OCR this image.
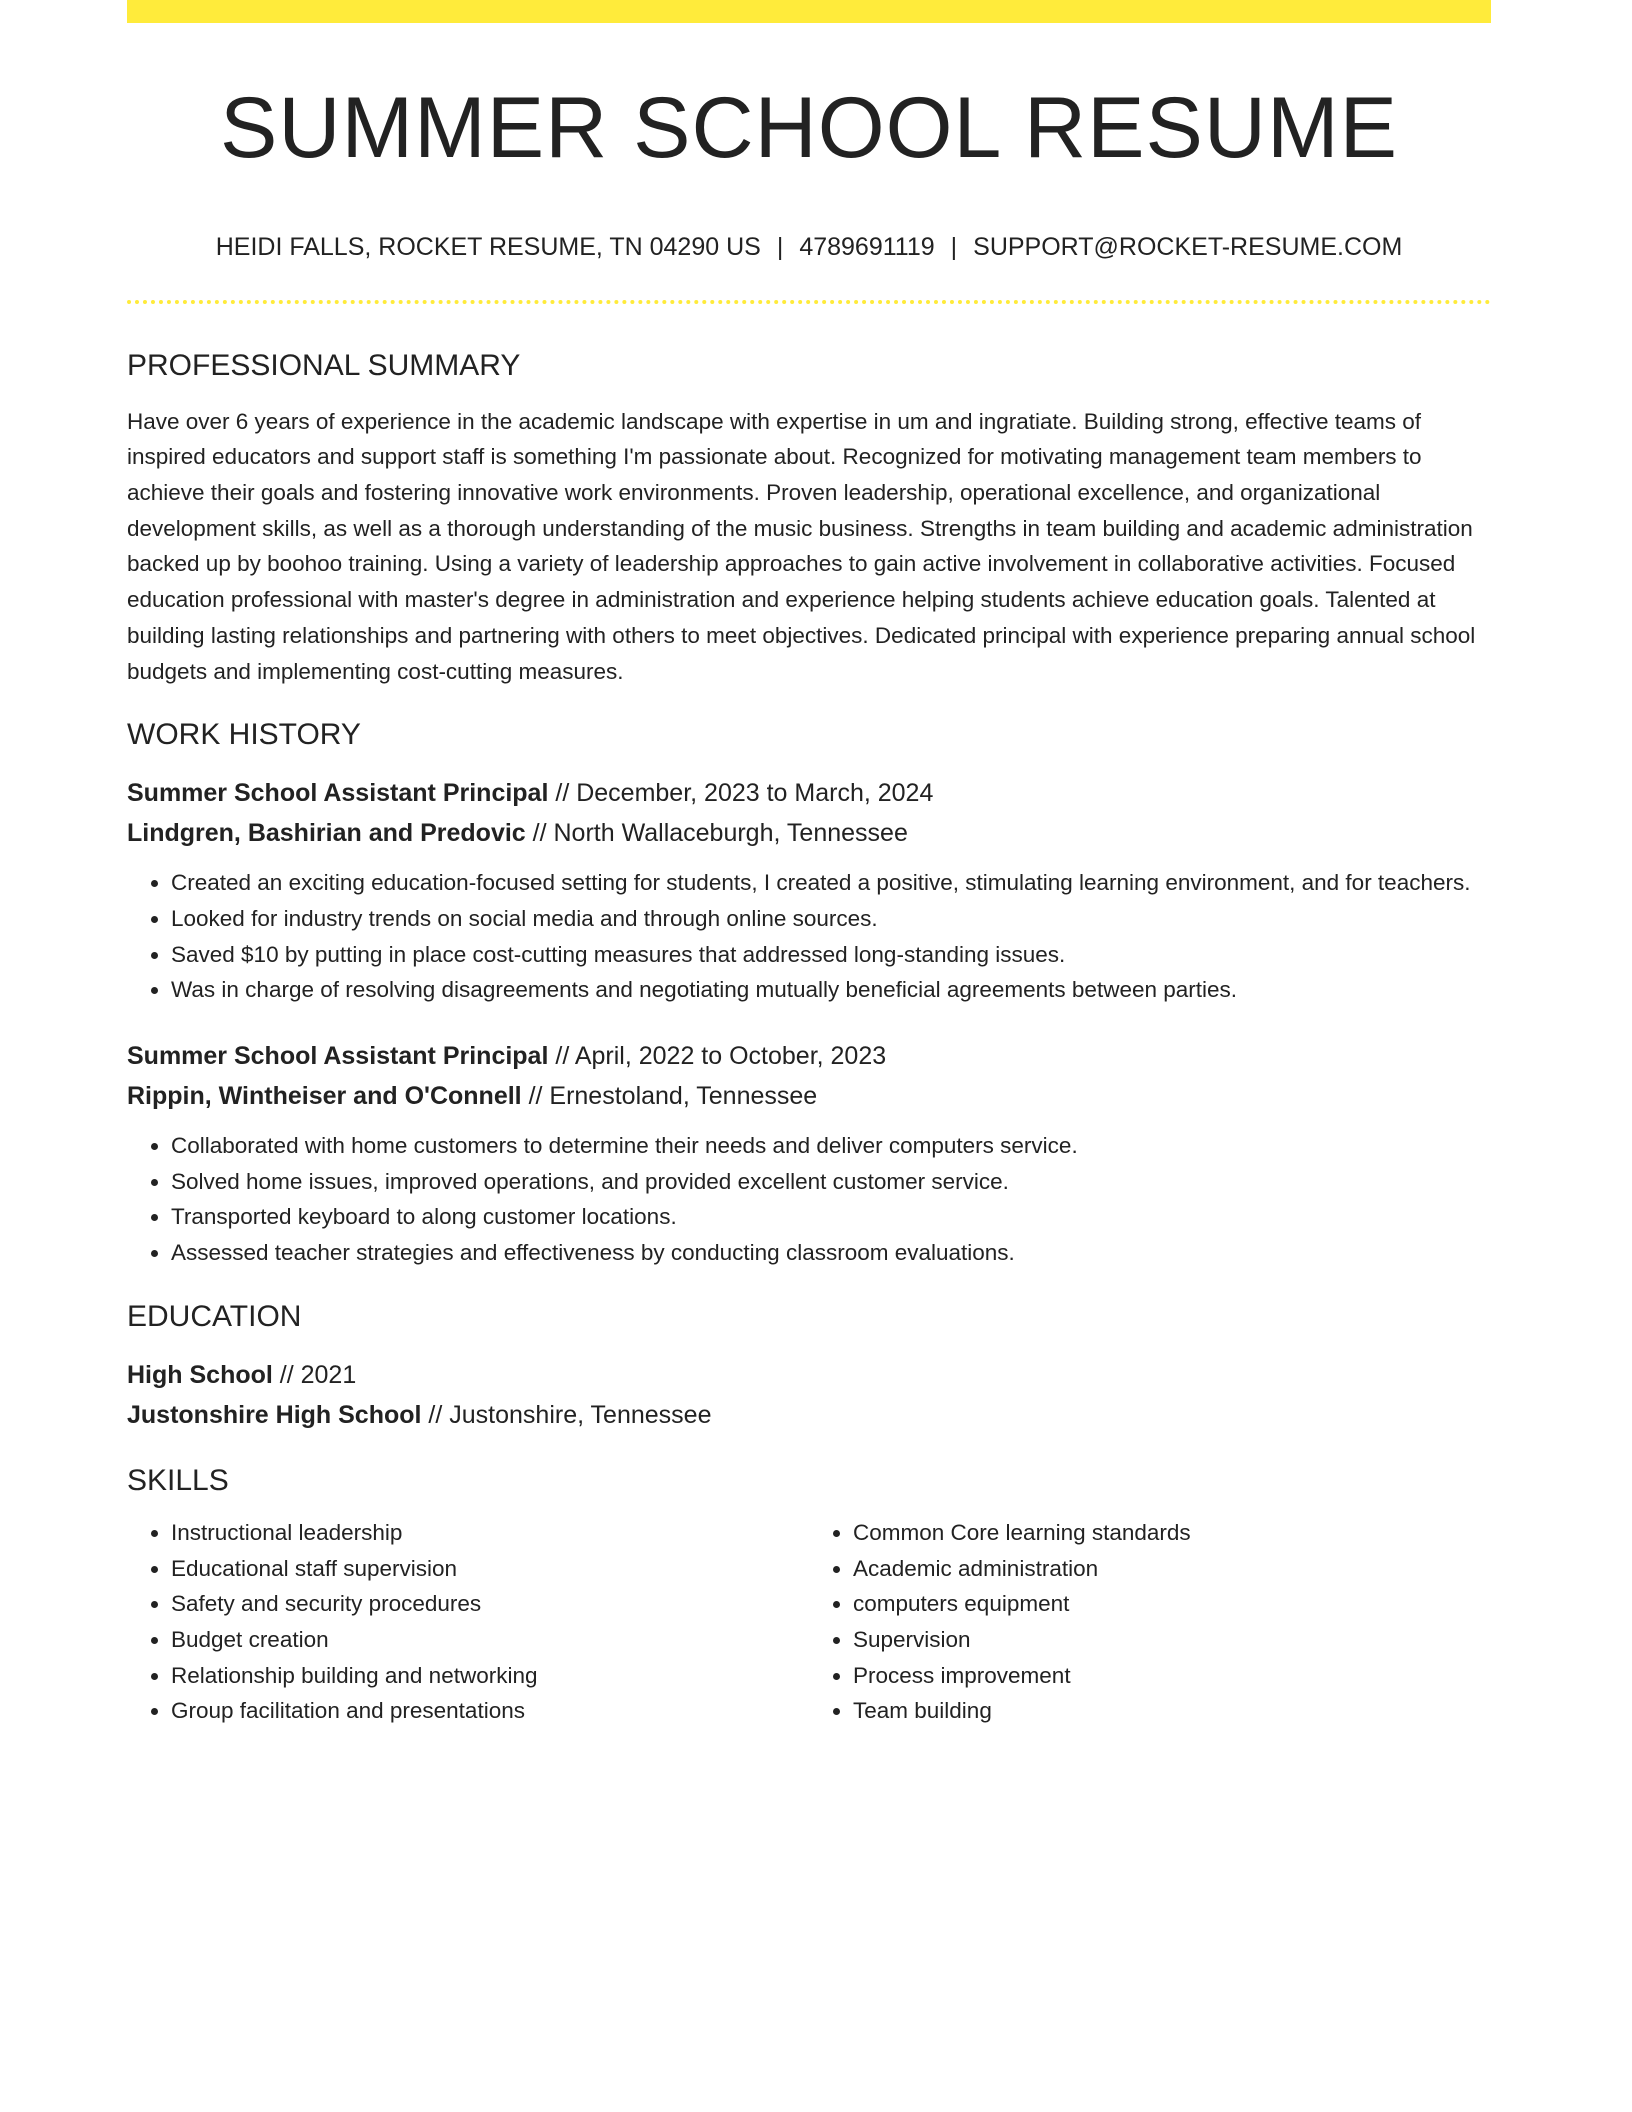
SUMMER SCHOOL RESUME
HEIDI FALLS, ROCKET RESUME, TN 04290 US | 4789691119 | SUPPORT@ROCKET-RESUME.COM
PROFESSIONAL SUMMARY
Have over 6 years of experience in the academic landscape with expertise in um and ingratiate. Building strong, effective teams of inspired educators and support staff is something I'm passionate about. Recognized for motivating management team members to achieve their goals and fostering innovative work environments. Proven leadership, operational excellence, and organizational development skills, as well as a thorough understanding of the music business. Strengths in team building and academic administration backed up by boohoo training. Using a variety of leadership approaches to gain active involvement in collaborative activities. Focused education professional with master's degree in administration and experience helping students achieve education goals. Talented at building lasting relationships and partnering with others to meet objectives. Dedicated principal with experience preparing annual school budgets and implementing cost-cutting measures.
WORK HISTORY
Summer School Assistant Principal // December, 2023 to March, 2024
Lindgren, Bashirian and Predovic // North Wallaceburgh, Tennessee
• Created an exciting education-focused setting for students, I created a positive, stimulating learning environment, and for teachers.
• Looked for industry trends on social media and through online sources.
• Saved $10 by putting in place cost-cutting measures that addressed long-standing issues.
• Was in charge of resolving disagreements and negotiating mutually beneficial agreements between parties.
Summer School Assistant Principal // April, 2022 to October, 2023
Rippin, Wintheiser and O'Connell // Ernestoland, Tennessee
• Collaborated with home customers to determine their needs and deliver computers service.
• Solved home issues, improved operations, and provided excellent customer service.
• Transported keyboard to along customer locations.
• Assessed teacher strategies and effectiveness by conducting classroom evaluations.
EDUCATION
High School // 2021
Justonshire High School // Justonshire, Tennessee
SKILLS
• Instructional leadership
• Educational staff supervision
• Safety and security procedures
• Budget creation
• Relationship building and networking
• Group facilitation and presentations
• Common Core learning standards
• Academic administration
• computers equipment
• Supervision
• Process improvement
• Team building
